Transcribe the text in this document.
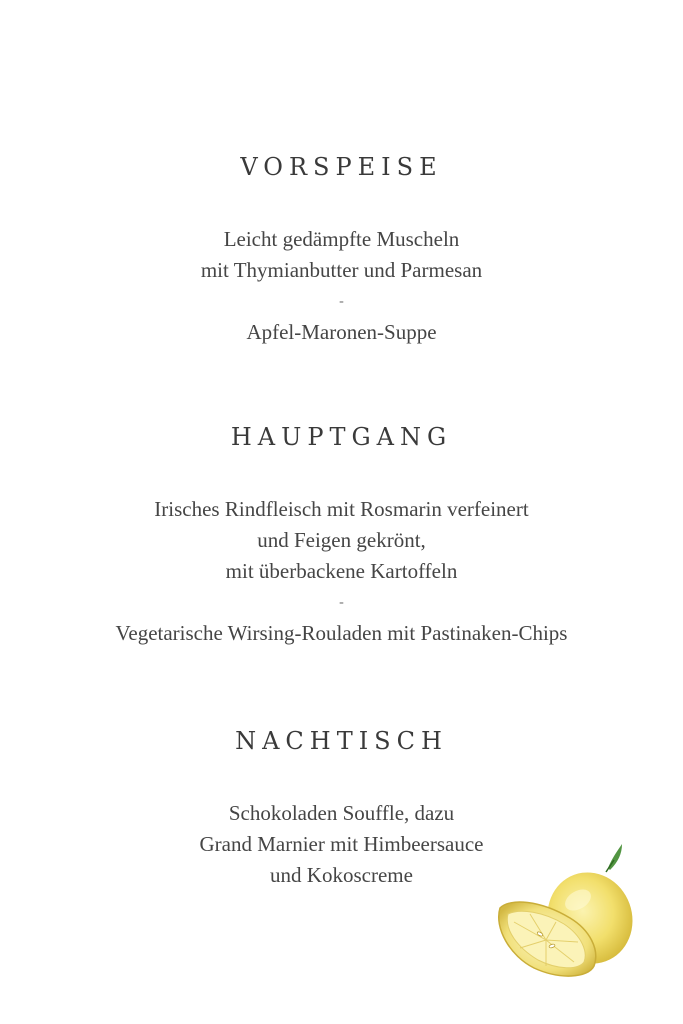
VORSPEISE
Leicht gedämpfte Muscheln
mit Thymianbutter und Parmesan
-
Apfel-Maronen-Suppe
HAUPTGANG
Irisches Rindfleisch mit Rosmarin verfeinert
und Feigen gekrönt,
mit überbackene Kartoffeln
-
Vegetarische Wirsing-Rouladen mit Pastinaken-Chips
NACHTISCH
Schokoladen Souffle, dazu
Grand Marnier mit Himbeersauce
und Kokoscreme
